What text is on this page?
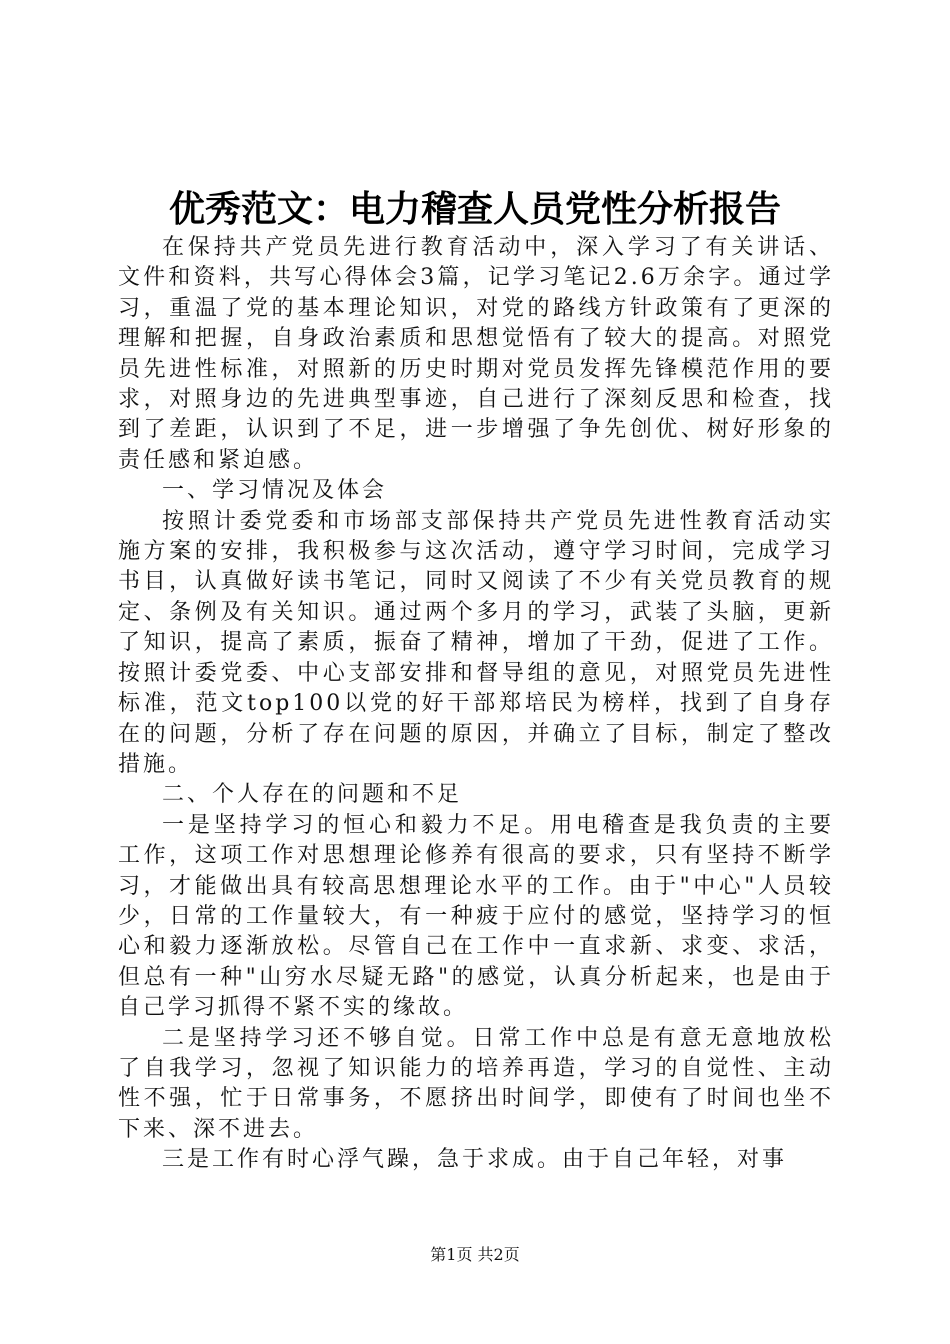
优秀范文：电力稽查人员党性分析报告

在保持共产党员先进行教育活动中，深入学习了有关讲话、文件和资料，共写心得体会3篇，记学习笔记2.6万余字。通过学习，重温了党的基本理论知识，对党的路线方针政策有了更深的理解和把握，自身政治素质和思想觉悟有了较大的提高。对照党员先进性标准，对照新的历史时期对党员发挥先锋模范作用的要求，对照身边的先进典型事迹，自己进行了深刻反思和检查，找到了差距，认识到了不足，进一步增强了争先创优、树好形象的责任感和紧迫感。

一、学习情况及体会

按照计委党委和市场部支部保持共产党员先进性教育活动实施方案的安排，我积极参与这次活动，遵守学习时间，完成学习书目，认真做好读书笔记，同时又阅读了不少有关党员教育的规定、条例及有关知识。通过两个多月的学习，武装了头脑，更新了知识，提高了素质，振奋了精神，增加了干劲，促进了工作。按照计委党委、中心支部安排和督导组的意见，对照党员先进性标准，范文top100以党的好干部郑培民为榜样，找到了自身存在的问题，分析了存在问题的原因，并确立了目标，制定了整改措施。

二、个人存在的问题和不足

一是坚持学习的恒心和毅力不足。用电稽查是我负责的主要工作，这项工作对思想理论修养有很高的要求，只有坚持不断学习，才能做出具有较高思想理论水平的工作。由于"中心"人员较少，日常的工作量较大，有一种疲于应付的感觉，坚持学习的恒心和毅力逐渐放松。尽管自己在工作中一直求新、求变、求活，但总有一种"山穷水尽疑无路"的感觉，认真分析起来，也是由于自己学习抓得不紧不实的缘故。

二是坚持学习还不够自觉。日常工作中总是有意无意地放松了自我学习，忽视了知识能力的培养再造，学习的自觉性、主动性不强，忙于日常事务，不愿挤出时间学，即使有了时间也坐不下来、深不进去。

三是工作有时心浮气躁，急于求成。由于自己年轻，对事

第1页 共2页
